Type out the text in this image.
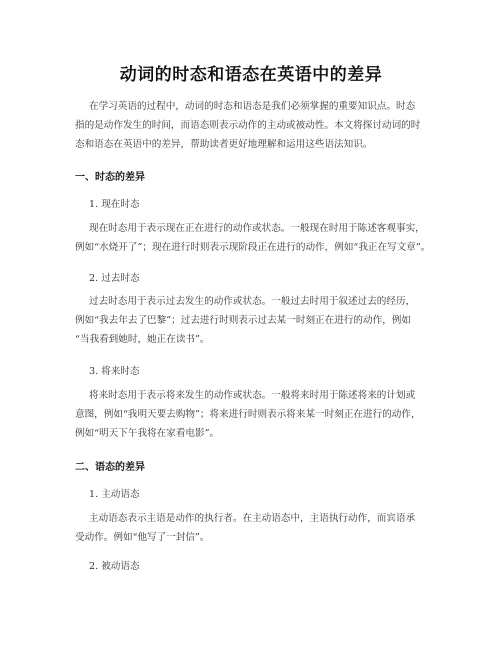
动词的时态和语态在英语中的差异
在学习英语的过程中，动词的时态和语态是我们必须掌握的重要知识点。时态
指的是动作发生的时间，而语态则表示动作的主动或被动性。本文将探讨动词的时
态和语态在英语中的差异，帮助读者更好地理解和运用这些语法知识。
一、时态的差异
1. 现在时态
现在时态用于表示现在正在进行的动作或状态。一般现在时用于陈述客观事实，
例如“水烧开了”；现在进行时则表示现阶段正在进行的动作，例如“我正在写文章”。
2. 过去时态
过去时态用于表示过去发生的动作或状态。一般过去时用于叙述过去的经历，
例如“我去年去了巴黎”；过去进行时则表示过去某一时刻正在进行的动作，例如
“当我看到她时，她正在读书”。
3. 将来时态
将来时态用于表示将来发生的动作或状态。一般将来时用于陈述将来的计划或
意图，例如“我明天要去购物”；将来进行时则表示将来某一时刻正在进行的动作，
例如“明天下午我将在家看电影”。
二、语态的差异
1. 主动语态
主动语态表示主语是动作的执行者。在主动语态中，主语执行动作，而宾语承
受动作。例如“他写了一封信”。
2. 被动语态
